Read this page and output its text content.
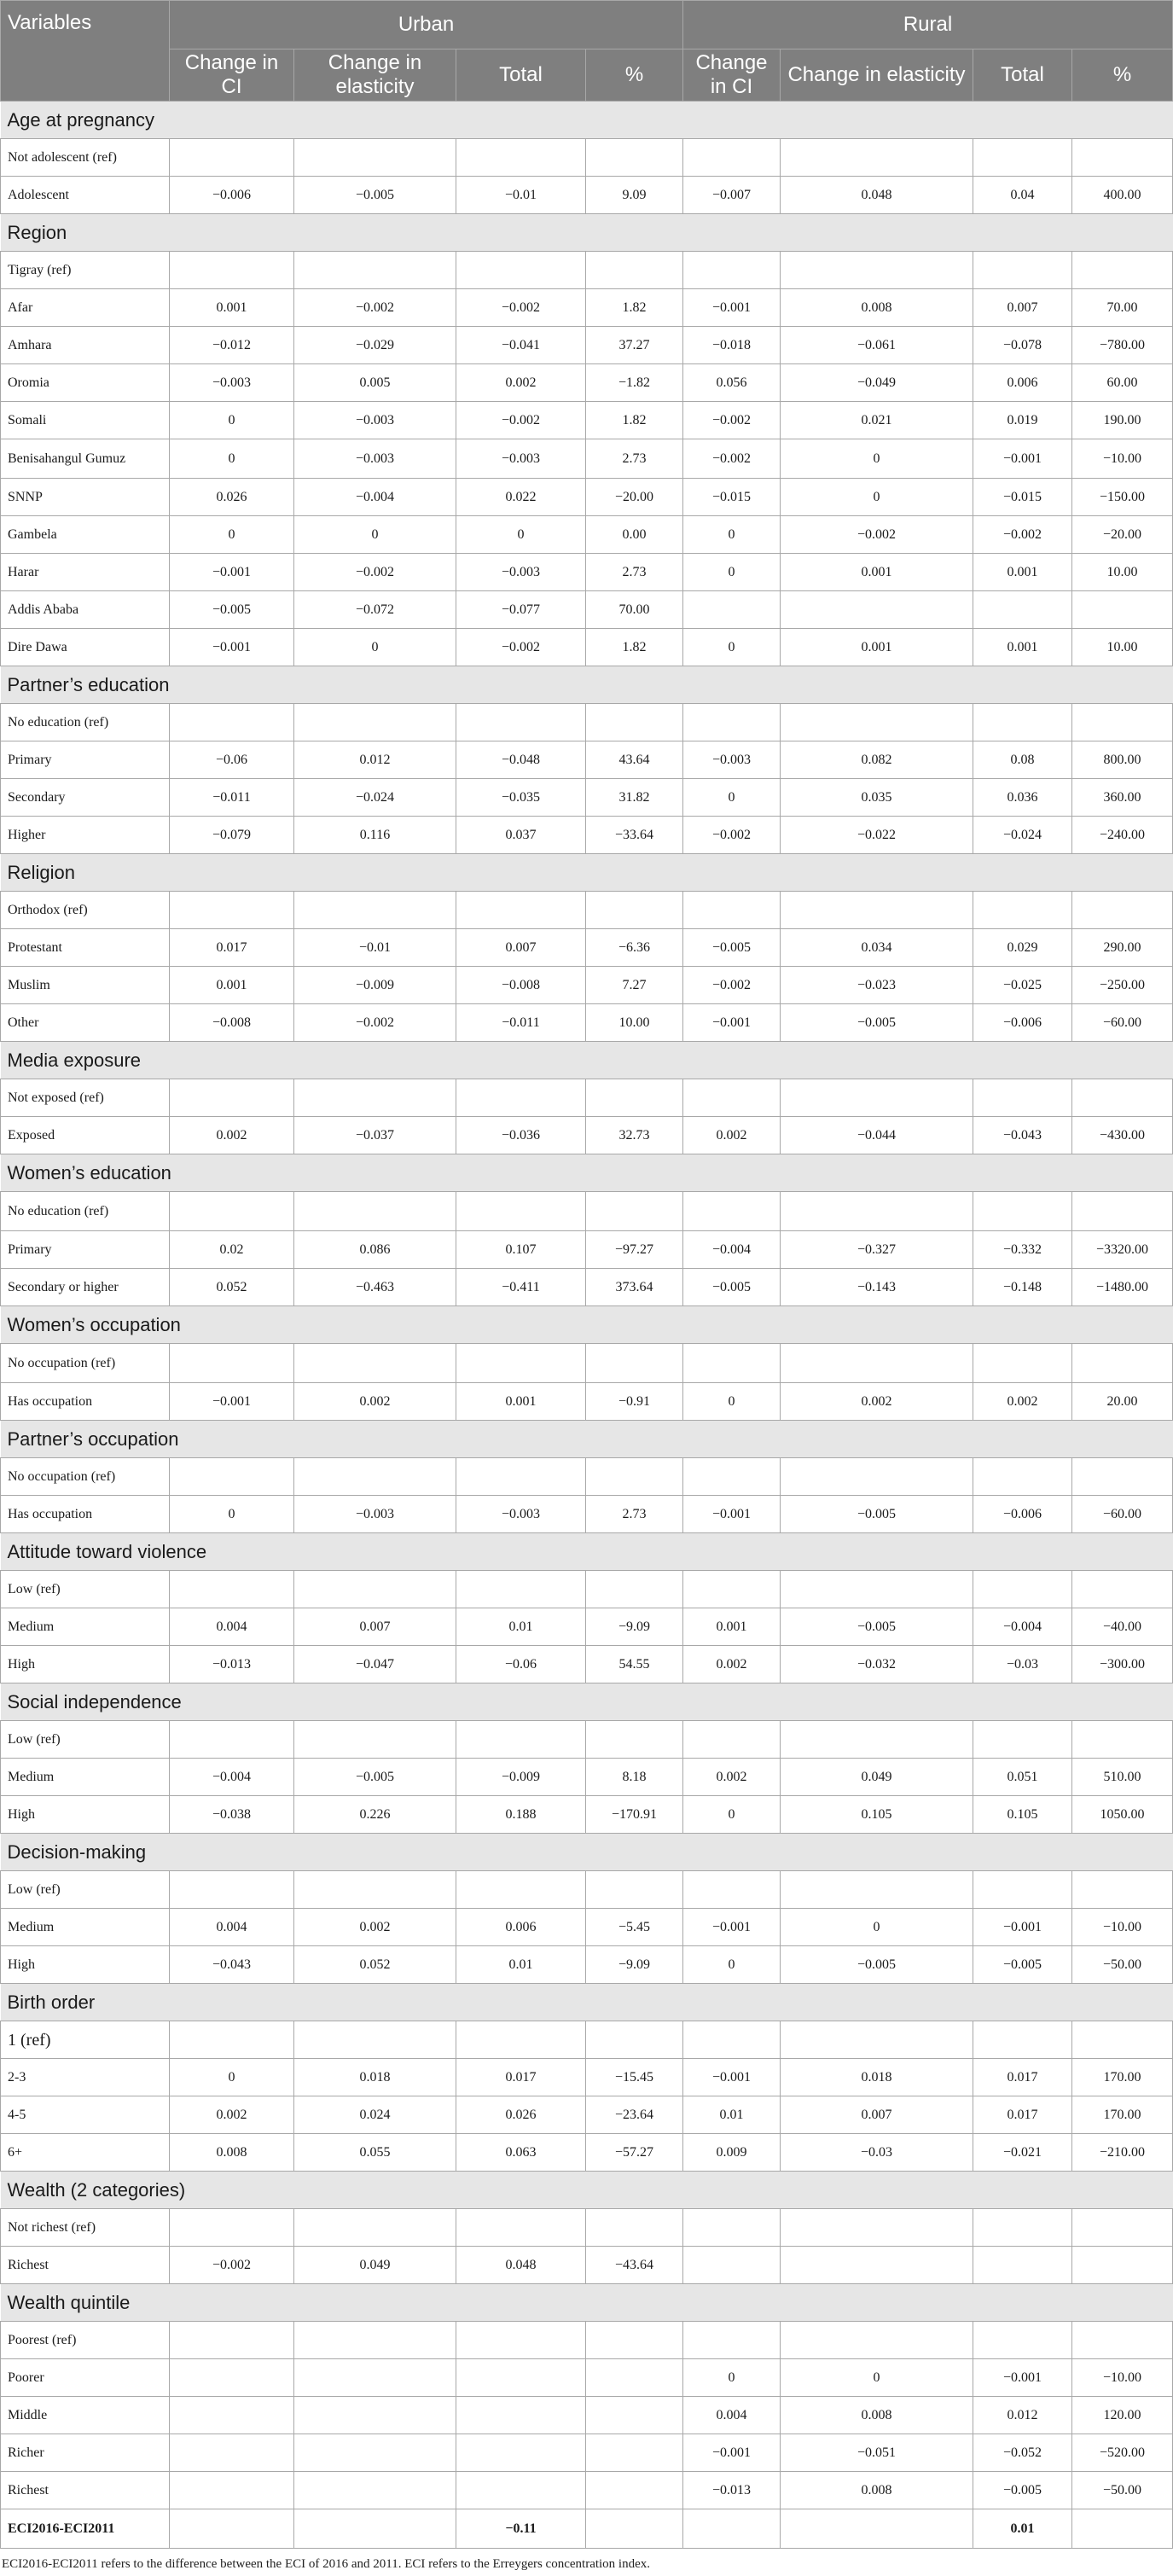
Variables	Urban				Rural			
	Change in CI	Change in elasticity	Total	%	Change in CI	Change in elasticity	Total	%
Age at pregnancy								
Not adolescent (ref)								
Adolescent	−0.006	−0.005	−0.01	9.09	−0.007	0.048	0.04	400.00
Region								
Tigray (ref)								
Afar	0.001	−0.002	−0.002	1.82	−0.001	0.008	0.007	70.00
Amhara	−0.012	−0.029	−0.041	37.27	−0.018	−0.061	−0.078	−780.00
Oromia	−0.003	0.005	0.002	−1.82	0.056	−0.049	0.006	60.00
Somali	0	−0.003	−0.002	1.82	−0.002	0.021	0.019	190.00
Benisahangul Gumuz	0	−0.003	−0.003	2.73	−0.002	0	−0.001	−10.00
SNNP	0.026	−0.004	0.022	−20.00	−0.015	0	−0.015	−150.00
Gambela	0	0	0	0.00	0	−0.002	−0.002	−20.00
Harar	−0.001	−0.002	−0.003	2.73	0	0.001	0.001	10.00
Addis Ababa	−0.005	−0.072	−0.077	70.00				
Dire Dawa	−0.001	0	−0.002	1.82	0	0.001	0.001	10.00
Partner’s education								
No education (ref)								
Primary	−0.06	0.012	−0.048	43.64	−0.003	0.082	0.08	800.00
Secondary	−0.011	−0.024	−0.035	31.82	0	0.035	0.036	360.00
Higher	−0.079	0.116	0.037	−33.64	−0.002	−0.022	−0.024	−240.00
Religion								
Orthodox (ref)								
Protestant	0.017	−0.01	0.007	−6.36	−0.005	0.034	0.029	290.00
Muslim	0.001	−0.009	−0.008	7.27	−0.002	−0.023	−0.025	−250.00
Other	−0.008	−0.002	−0.011	10.00	−0.001	−0.005	−0.006	−60.00
Media exposure								
Not exposed (ref)								
Exposed	0.002	−0.037	−0.036	32.73	0.002	−0.044	−0.043	−430.00
Women’s education								
No education (ref)								
Primary	0.02	0.086	0.107	−97.27	−0.004	−0.327	−0.332	−3320.00
Secondary or higher	0.052	−0.463	−0.411	373.64	−0.005	−0.143	−0.148	−1480.00
Women’s occupation								
No occupation (ref)								
Has occupation	−0.001	0.002	0.001	−0.91	0	0.002	0.002	20.00
Partner’s occupation								
No occupation (ref)								
Has occupation	0	−0.003	−0.003	2.73	−0.001	−0.005	−0.006	−60.00
Attitude toward violence								
Low (ref)								
Medium	0.004	0.007	0.01	−9.09	0.001	−0.005	−0.004	−40.00
High	−0.013	−0.047	−0.06	54.55	0.002	−0.032	−0.03	−300.00
Social independence								
Low (ref)								
Medium	−0.004	−0.005	−0.009	8.18	0.002	0.049	0.051	510.00
High	−0.038	0.226	0.188	−170.91	0	0.105	0.105	1050.00
Decision-making								
Low (ref)								
Medium	0.004	0.002	0.006	−5.45	−0.001	0	−0.001	−10.00
High	−0.043	0.052	0.01	−9.09	0	−0.005	−0.005	−50.00
Birth order								
1 (ref)								
2-3	0	0.018	0.017	−15.45	−0.001	0.018	0.017	170.00
4-5	0.002	0.024	0.026	−23.64	0.01	0.007	0.017	170.00
6+	0.008	0.055	0.063	−57.27	0.009	−0.03	−0.021	−210.00
Wealth (2 categories)								
Not richest (ref)								
Richest	−0.002	0.049	0.048	−43.64				
Wealth quintile								
Poorest (ref)								
Poorer					0	0	−0.001	−10.00
Middle					0.004	0.008	0.012	120.00
Richer					−0.001	−0.051	−0.052	−520.00
Richest					−0.013	0.008	−0.005	−50.00
ECI2016-ECI2011			−0.11				0.01	
ECI2016-ECI2011 refers to the difference between the ECI of 2016 and 2011. ECI refers to the Erreygers concentration index.
